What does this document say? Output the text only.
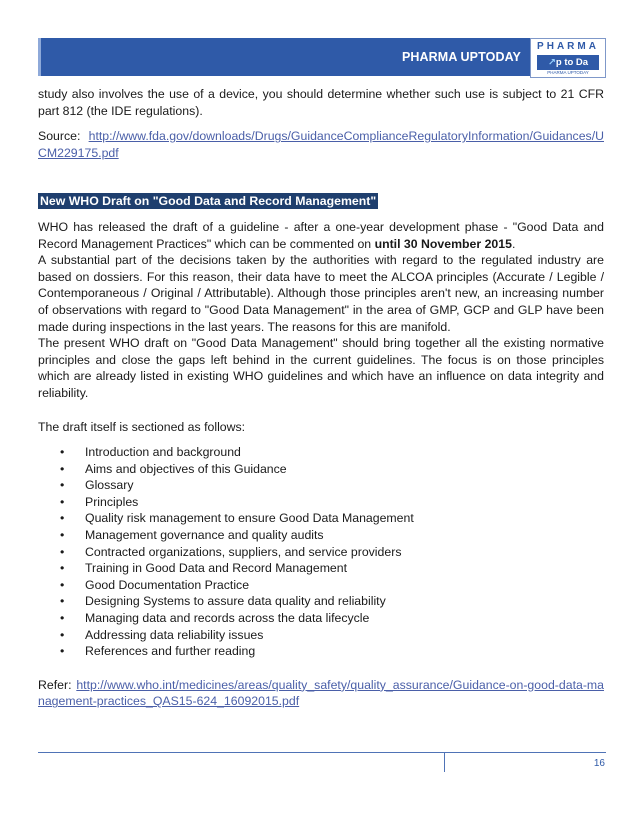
PHARMA UPTODAY
PHARMA
↗p to Da
PHARMA UPTODAY

study also involves the use of a device, you should determine whether such use is subject to 21 CFR part 812 (the IDE regulations).

Source: http://www.fda.gov/downloads/Drugs/GuidanceComplianceRegulatoryInformation/Guidances/UCM229175.pdf

New WHO Draft on "Good Data and Record Management"

WHO has released the draft of a guideline - after a one-year development phase - "Good Data and Record Management Practices" which can be commented on until 30 November 2015.

A substantial part of the decisions taken by the authorities with regard to the regulated industry are based on dossiers. For this reason, their data have to meet the ALCOA principles (Accurate / Legible / Contemporaneous / Original / Attributable). Although those principles aren't new, an increasing number of observations with regard to "Good Data Management" in the area of GMP, GCP and GLP have been made during inspections in the last years. The reasons for this are manifold.

The present WHO draft on "Good Data Management" should bring together all the existing normative principles and close the gaps left behind in the current guidelines. The focus is on those principles which are already listed in existing WHO guidelines and which have an influence on data integrity and reliability.

The draft itself is sectioned as follows:

• Introduction and background
• Aims and objectives of this Guidance
• Glossary
• Principles
• Quality risk management to ensure Good Data Management
• Management governance and quality audits
• Contracted organizations, suppliers, and service providers
• Training in Good Data and Record Management
• Good Documentation Practice
• Designing Systems to assure data quality and reliability
• Managing data and records across the data lifecycle
• Addressing data reliability issues
• References and further reading

Refer: http://www.who.int/medicines/areas/quality_safety/quality_assurance/Guidance-on-good-data-management-practices_QAS15-624_16092015.pdf

16
